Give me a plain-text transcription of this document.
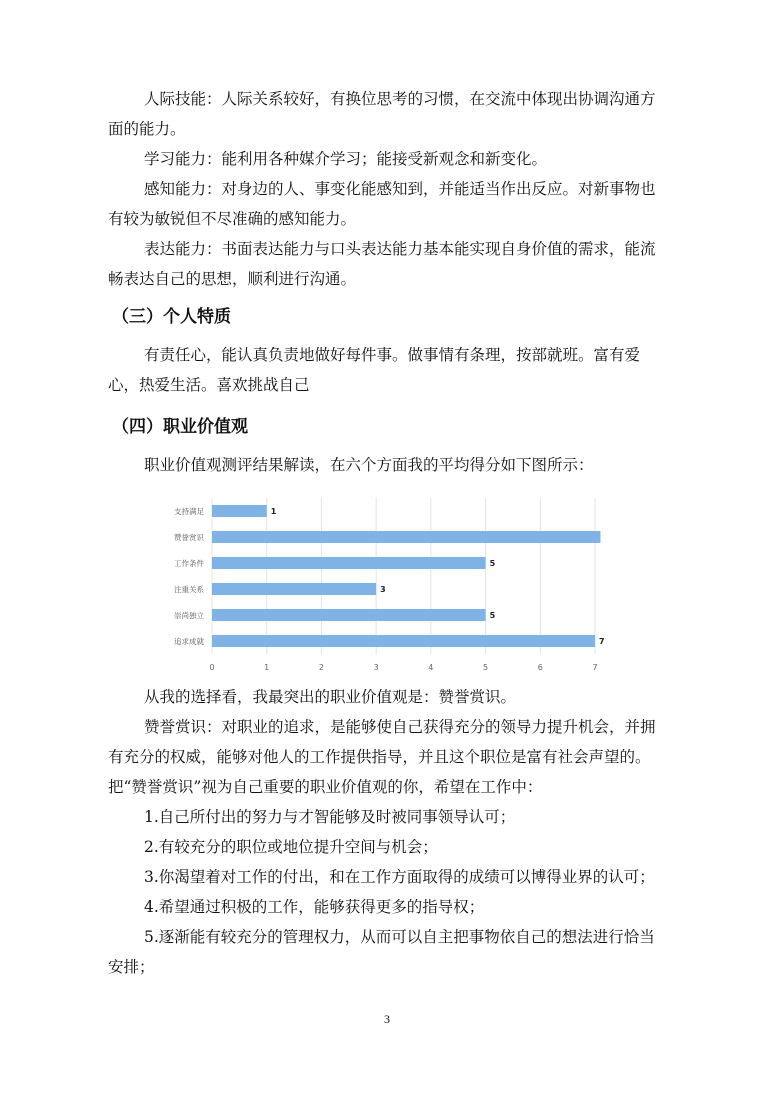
人际技能：人际关系较好，有换位思考的习惯，在交流中体现出协调沟通方面的能力。

学习能力：能利用各种媒介学习；能接受新观念和新变化。

感知能力：对身边的人、事变化能感知到，并能适当作出反应。对新事物也有较为敏锐但不尽准确的感知能力。

表达能力：书面表达能力与口头表达能力基本能实现自身价值的需求，能流畅表达自己的思想，顺利进行沟通。

（三）个人特质

有责任心，能认真负责地做好每件事。做事情有条理，按部就班。富有爱心，热爱生活。喜欢挑战自己

（四）职业价值观

职业价值观测评结果解读，在六个方面我的平均得分如下图所示：

0	1	2	3	4	5	6	7
支持满足	1
赞誉赏识
工作条件	5
注重关系	3
崇尚独立	5
追求成就	7

从我的选择看，我最突出的职业价值观是：赞誉赏识。

赞誉赏识：对职业的追求，是能够使自己获得充分的领导力提升机会，并拥有充分的权威，能够对他人的工作提供指导，并且这个职位是富有社会声望的。

把“赞誉赏识”视为自己重要的职业价值观的你，希望在工作中：

1.自己所付出的努力与才智能够及时被同事领导认可；
2.有较充分的职位或地位提升空间与机会；
3.你渴望着对工作的付出，和在工作方面取得的成绩可以博得业界的认可；
4.希望通过积极的工作，能够获得更多的指导权；
5.逐渐能有较充分的管理权力，从而可以自主把事物依自己的想法进行恰当安排；
3
